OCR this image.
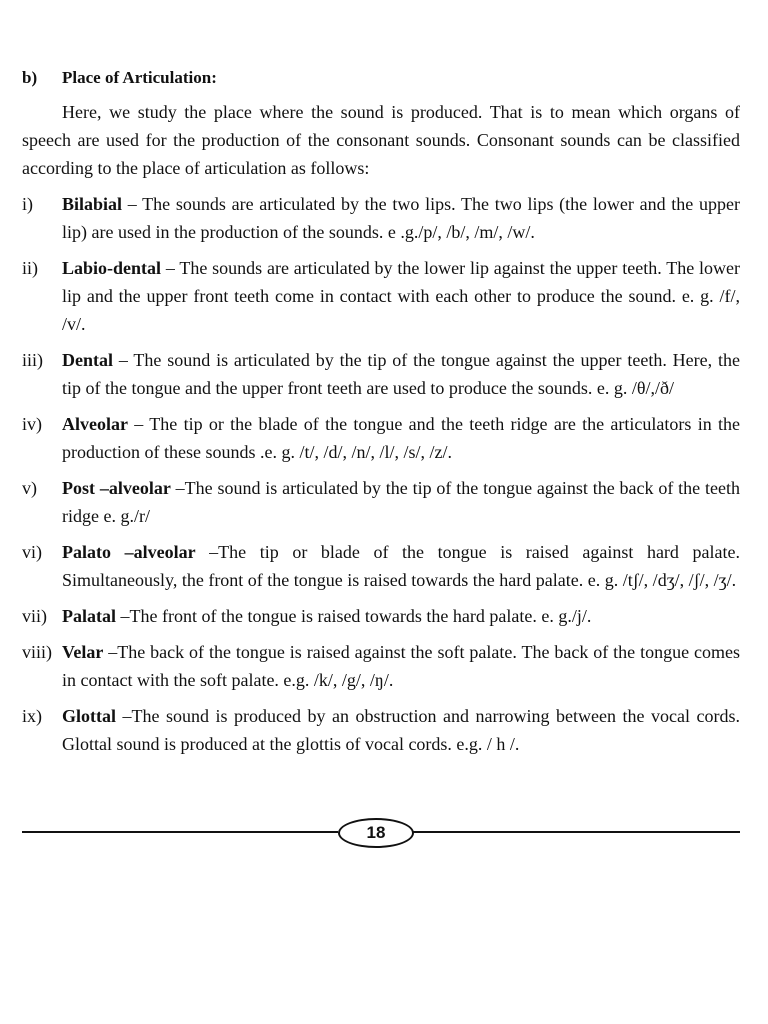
b)	Place of Articulation:

Here, we study the place where the sound is produced. That is to mean which organs of speech are used for the production of the consonant sounds. Consonant sounds can be classified according to the place of articulation as follows:

i)	Bilabial – The sounds are articulated by the two lips. The two lips (the lower and the upper lip) are used in the production of the sounds. e .g./p/, /b/, /m/, /w/.
ii)	Labio-dental – The sounds are articulated by the lower lip against the upper teeth. The lower lip and the upper front teeth come in contact with each other to produce the sound. e. g. /f/, /v/.
iii)	Dental – The sound is articulated by the tip of the tongue against the upper teeth. Here, the tip of the tongue and the upper front teeth are used to produce the sounds. e. g. /θ/,/ð/
iv)	Alveolar – The tip or the blade of the tongue and the teeth ridge are the articulators in the production of these sounds .e. g. /t/, /d/, /n/, /l/, /s/, /z/.
v)	Post –alveolar –The sound is articulated by the tip of the tongue against the back of the teeth ridge e. g./r/
vi)	Palato –alveolar –The tip or blade of the tongue is raised against hard palate. Simultaneously, the front of the tongue is raised towards the hard palate. e. g. /tʃ/, /dʒ/, /ʃ/, /ʒ/.
vii) Palatal –The front of the tongue is raised towards the hard palate. e. g./j/.
viii) Velar –The back of the tongue is raised against the soft palate. The back of the tongue comes in contact with the soft palate. e.g. /k/, /g/, /ŋ/.
ix)	Glottal –The sound is produced by an obstruction and narrowing between the vocal cords. Glottal sound is produced at the glottis of vocal cords. e.g. / h /.
18
